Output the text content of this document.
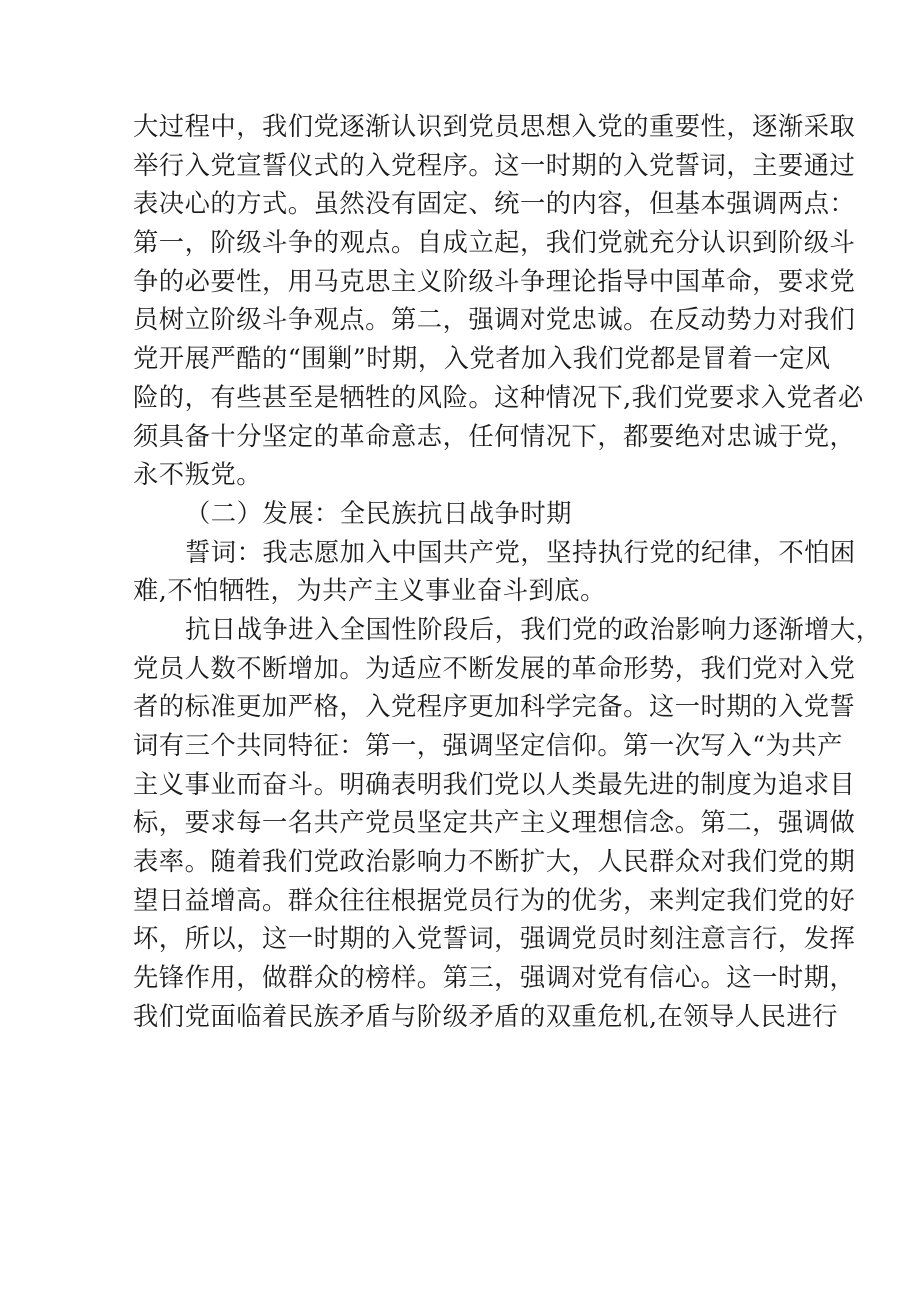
大过程中，我们党逐渐认识到党员思想入党的重要性，逐渐采取
举行入党宣誓仪式的入党程序。这一时期的入党誓词，主要通过
表决心的方式。虽然没有固定、统一的内容，但基本强调两点：
第一，阶级斗争的观点。自成立起，我们党就充分认识到阶级斗
争的必要性，用马克思主义阶级斗争理论指导中国革命，要求党
员树立阶级斗争观点。第二，强调对党忠诚。在反动势力对我们
党开展严酷的“围剿”时期，入党者加入我们党都是冒着一定风
险的，有些甚至是牺牲的风险。这种情况下,我们党要求入党者必
须具备十分坚定的革命意志，任何情况下，都要绝对忠诚于党，
永不叛党。
（二）发展：全民族抗日战争时期
誓词：我志愿加入中国共产党，坚持执行党的纪律，不怕困
难,不怕牺牲，为共产主义事业奋斗到底。
抗日战争进入全国性阶段后，我们党的政治影响力逐渐增大，
党员人数不断增加。为适应不断发展的革命形势，我们党对入党
者的标准更加严格，入党程序更加科学完备。这一时期的入党誓
词有三个共同特征：第一，强调坚定信仰。第一次写入“为共产
主义事业而奋斗。明确表明我们党以人类最先进的制度为追求目
标，要求每一名共产党员坚定共产主义理想信念。第二，强调做
表率。随着我们党政治影响力不断扩大，人民群众对我们党的期
望日益增高。群众往往根据党员行为的优劣，来判定我们党的好
坏，所以，这一时期的入党誓词，强调党员时刻注意言行，发挥
先锋作用，做群众的榜样。第三，强调对党有信心。这一时期，
我们党面临着民族矛盾与阶级矛盾的双重危机,在领导人民进行
